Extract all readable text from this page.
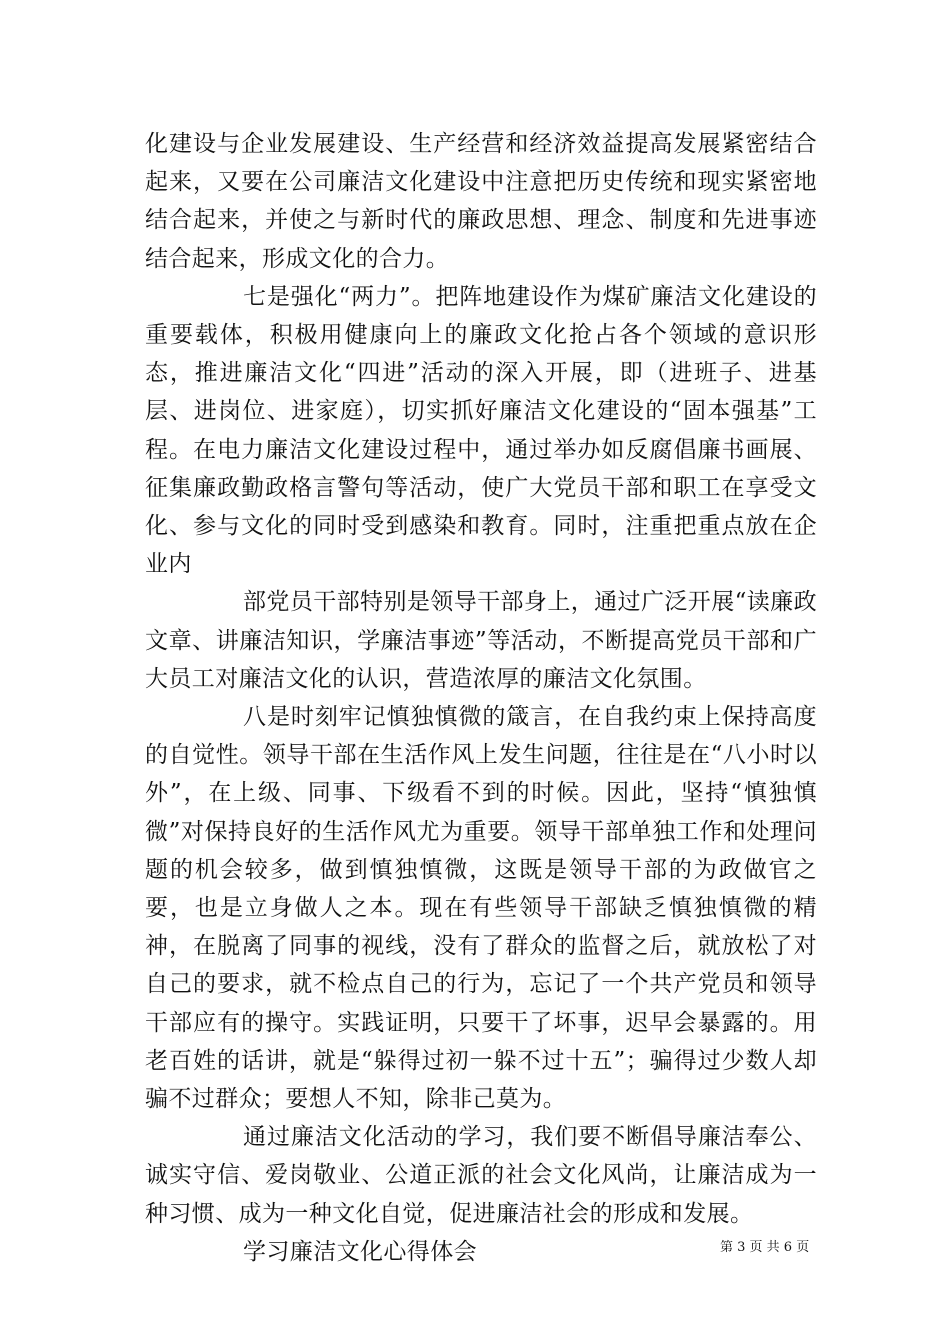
化建设与企业发展建设、生产经营和经济效益提高发展紧密结合起来，又要在公司廉洁文化建设中注意把历史传统和现实紧密地结合起来，并使之与新时代的廉政思想、理念、制度和先进事迹结合起来，形成文化的合力。

七是强化“两力”。把阵地建设作为煤矿廉洁文化建设的重要载体，积极用健康向上的廉政文化抢占各个领域的意识形态，推进廉洁文化“四进”活动的深入开展，即（进班子、进基层、进岗位、进家庭），切实抓好廉洁文化建设的“固本强基”工程。在电力廉洁文化建设过程中，通过举办如反腐倡廉书画展、征集廉政勤政格言警句等活动，使广大党员干部和职工在享受文化、参与文化的同时受到感染和教育。同时，注重把重点放在企业内

部党员干部特别是领导干部身上，通过广泛开展“读廉政文章、讲廉洁知识，学廉洁事迹”等活动，不断提高党员干部和广大员工对廉洁文化的认识，营造浓厚的廉洁文化氛围。

八是时刻牢记慎独慎微的箴言，在自我约束上保持高度的自觉性。领导干部在生活作风上发生问题，往往是在“八小时以外”，在上级、同事、下级看不到的时候。因此，坚持“慎独慎微”对保持良好的生活作风尤为重要。领导干部单独工作和处理问题的机会较多，做到慎独慎微，这既是领导干部的为政做官之要，也是立身做人之本。现在有些领导干部缺乏慎独慎微的精神，在脱离了同事的视线，没有了群众的监督之后，就放松了对自己的要求，就不检点自己的行为，忘记了一个共产党员和领导干部应有的操守。实践证明，只要干了坏事，迟早会暴露的。用老百姓的话讲，就是“躲得过初一躲不过十五”；骗得过少数人却骗不过群众；要想人不知，除非己莫为。

通过廉洁文化活动的学习，我们要不断倡导廉洁奉公、诚实守信、爱岗敬业、公道正派的社会文化风尚，让廉洁成为一种习惯、成为一种文化自觉，促进廉洁社会的形成和发展。

学习廉洁文化心得体会	第 3 页 共 6 页
